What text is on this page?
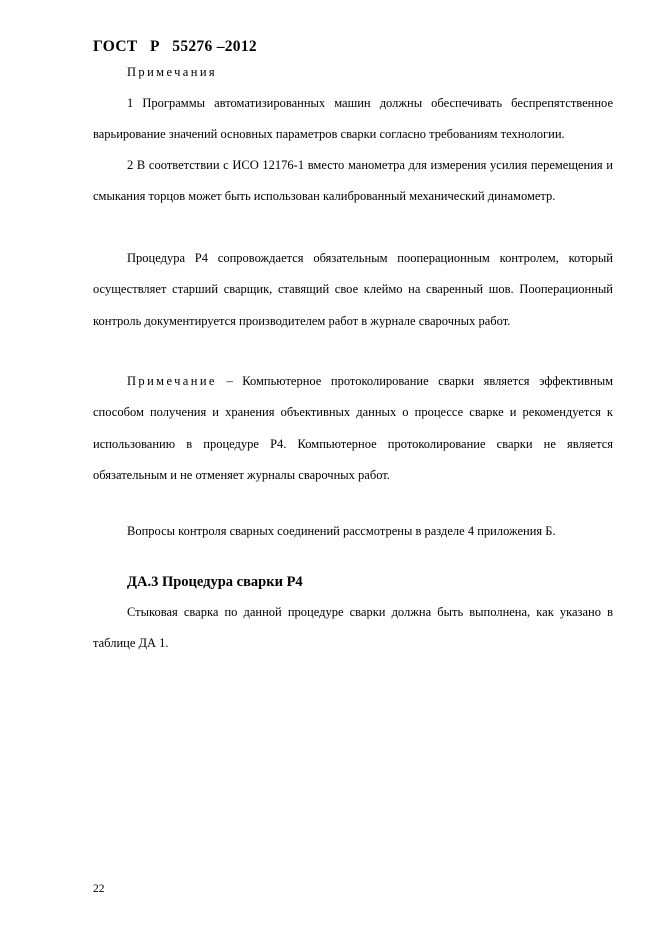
ГОСТ   Р   55276 –2012
Примечания

1 Программы автоматизированных машин должны обеспечивать беспрепятственное варьирование значений основных параметров сварки согласно требованиям технологии.

2 В соответствии с ИСО 12176-1 вместо манометра для измерения усилия перемещения и смыкания торцов может быть использован калиброванный механический динамометр.

Процедура Р4 сопровождается обязательным пооперационным контролем, который осуществляет старший сварщик, ставящий свое клеймо на сваренный шов. Пооперационный контроль документируется производителем работ в журнале сварочных работ.

Примечание – Компьютерное протоколирование сварки является эффективным способом получения и хранения объективных данных о процессе сварке и рекомендуется к использованию в процедуре Р4. Компьютерное протоколирование сварки не является обязательным и не отменяет журналы сварочных работ.

Вопросы контроля сварных соединений рассмотрены в разделе 4 приложения Б.

ДА.3 Процедура сварки Р4

Стыковая сварка по данной процедуре сварки должна быть выполнена, как указано в таблице ДА 1.

22
